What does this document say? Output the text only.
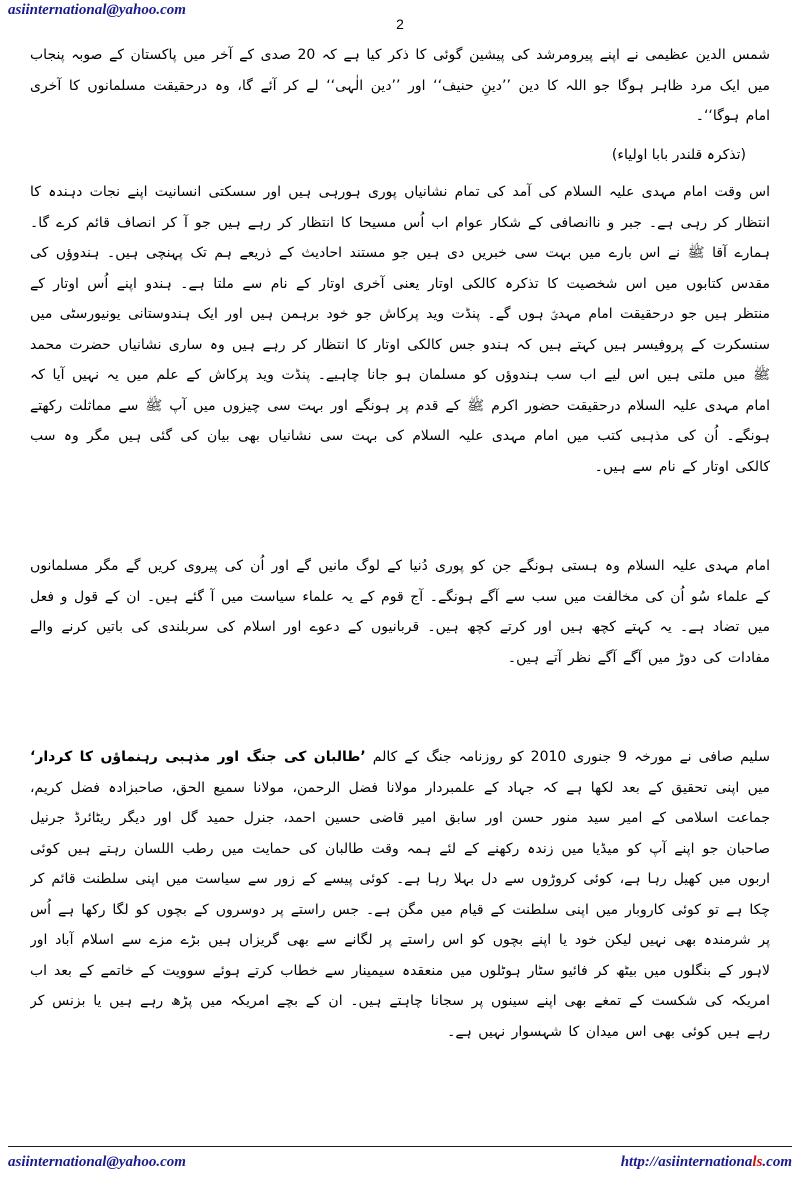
asiinternational@yahoo.com
2

شمس الدین عظیمی نے اپنے پیرومرشد کی پیشین گوئی کا ذکر کیا ہے کہ 20 صدی کے آخر میں پاکستان کے صوبہ پنجاب میں ایک مرد ظاہر ہوگا جو اللہ کا دین ’’دینِ حنیف‘‘ اور ’’دین الٰہی‘‘ لے کر آئے گا، وہ درحقیقت مسلمانوں کا آخری امام ہوگا‘‘۔

(تذکرہ قلندر بابا اولیاء)

اس وقت امام مہدی علیہ السلام کی آمد کی تمام نشانیاں پوری ہورہی ہیں اور سسکتی انسانیت اپنے نجات دہندہ کا انتظار کر رہی ہے۔ جبر و ناانصافی کے شکار عوام اب اُس مسیحا کا انتظار کر رہے ہیں جو آ کر انصاف قائم کرے گا۔ ہمارے آقا ﷺ نے اس بارے میں بہت سی خبریں دی ہیں جو مستند احادیث کے ذریعے ہم تک پہنچی ہیں۔ ہندوؤں کی مقدس کتابوں میں اس شخصیت کا تذکرہ کالکی اوتار یعنی آخری اوتار کے نام سے ملتا ہے۔ ہندو اپنے اُس اوتار کے منتظر ہیں جو درحقیقت امام مہدیؑ ہوں گے۔ پنڈت وید پرکاش جو خود برہمن ہیں اور ایک ہندوستانی یونیورسٹی میں سنسکرت کے پروفیسر ہیں کہتے ہیں کہ ہندو جس کالکی اوتار کا انتظار کر رہے ہیں وہ ساری نشانیاں حضرت محمد ﷺ میں ملتی ہیں اس لیے اب سب ہندوؤں کو مسلمان ہو جانا چاہیے۔ پنڈت وید پرکاش کے علم میں یہ نہیں آیا کہ امام مہدی علیہ السلام درحقیقت حضور اکرم ﷺ کے قدم پر ہونگے اور بہت سی چیزوں میں آپ ﷺ سے مماثلت رکھتے ہونگے۔ اُن کی مذہبی کتب میں امام مہدی علیہ السلام کی بہت سی نشانیاں بھی بیان کی گئی ہیں مگر وہ سب کالکی اوتار کے نام سے ہیں۔

امام مہدی علیہ السلام وہ ہستی ہونگے جن کو پوری دُنیا کے لوگ مانیں گے اور اُن کی پیروی کریں گے مگر مسلمانوں کے علماء سُو اُن کی مخالفت میں سب سے آگے ہونگے۔ آج قوم کے یہ علماء سیاست میں آ گئے ہیں۔ ان کے قول و فعل میں تضاد ہے۔ یہ کہتے کچھ ہیں اور کرتے کچھ ہیں۔ قربانیوں کے دعوے اور اسلام کی سربلندی کی باتیں کرنے والے مفادات کی دوڑ میں آگے آگے نظر آتے ہیں۔

سلیم صافی نے مورخہ 9 جنوری 2010 کو روزنامہ جنگ کے کالم ’طالبان کی جنگ اور مذہبی رہنماؤں کا کردار‘ میں اپنی تحقیق کے بعد لکھا ہے کہ جہاد کے علمبردار مولانا فضل الرحمن، مولانا سمیع الحق، صاحبزادہ فضل کریم، جماعت اسلامی کے امیر سید منور حسن اور سابق امیر قاضی حسین احمد، جنرل حمید گل اور دیگر ریٹائرڈ جرنیل صاحبان جو اپنے آپ کو میڈیا میں زندہ رکھنے کے لئے ہمہ وقت طالبان کی حمایت میں رطب اللسان رہتے ہیں کوئی اربوں میں کھیل رہا ہے، کوئی کروڑوں سے دل بہلا رہا ہے۔ کوئی پیسے کے زور سے سیاست میں اپنی سلطنت قائم کر چکا ہے تو کوئی کاروبار میں اپنی سلطنت کے قیام میں مگن ہے۔ جس راستے پر دوسروں کے بچوں کو لگا رکھا ہے اُس پر شرمندہ بھی نہیں لیکن خود یا اپنے بچوں کو اس راستے پر لگانے سے بھی گریزاں ہیں بڑے مزے سے اسلام آباد اور لاہور کے بنگلوں میں بیٹھ کر فائیو سٹار ہوٹلوں میں منعقدہ سیمینار سے خطاب کرتے ہوئے سوویت کے خاتمے کے بعد اب امریکہ کی شکست کے تمغے بھی اپنے سینوں پر سجانا چاہتے ہیں۔ ان کے بچے امریکہ میں پڑھ رہے ہیں یا بزنس کر رہے ہیں کوئی بھی اس میدان کا شہسوار نہیں ہے۔

asiinternational@yahoo.com	http://asiinternationals.com
